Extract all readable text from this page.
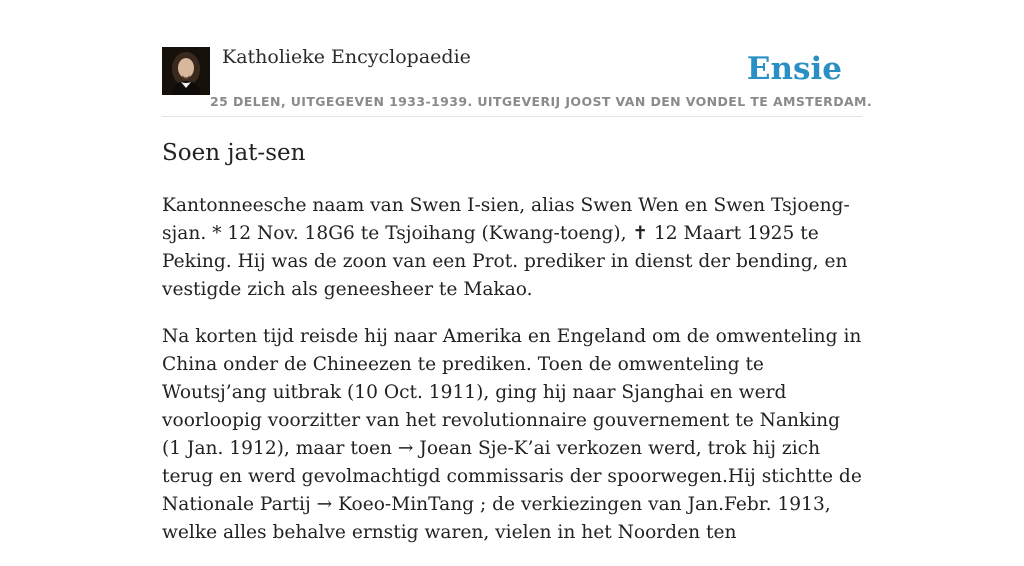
Katholieke Encyclopaedie
25 DELEN, UITGEGEVEN 1933-1939. UITGEVERIJ JOOST VAN DEN VONDEL TE AMSTERDAM.
Ensie
Soen jat-sen

Kantonneesche naam van Swen I-sien, alias Swen Wen en Swen Tsjoeng-sjan. * 12 Nov. 18G6 te Tsjoihang (Kwang-toeng), ✝ 12 Maart 1925 te Peking. Hij was de zoon van een Prot. prediker in dienst der bending, en vestigde zich als geneesheer te Makao.

Na korten tijd reisde hij naar Amerika en Engeland om de omwenteling in China onder de Chineezen te prediken. Toen de omwenteling te Woutsj’ang uitbrak (10 Oct. 1911), ging hij naar Sjanghai en werd voorloopig voorzitter van het revolutionnaire gouvernement te Nanking (1 Jan. 1912), maar toen → Joean Sje-K’ai verkozen werd, trok hij zich terug en werd gevolmachtigd commissaris der spoorwegen.Hij stichtte de Nationale Partij → Koeo-MinTang ; de verkiezingen van Jan.Febr. 1913, welke alles behalve ernstig waren, vielen in het Noorden ten
